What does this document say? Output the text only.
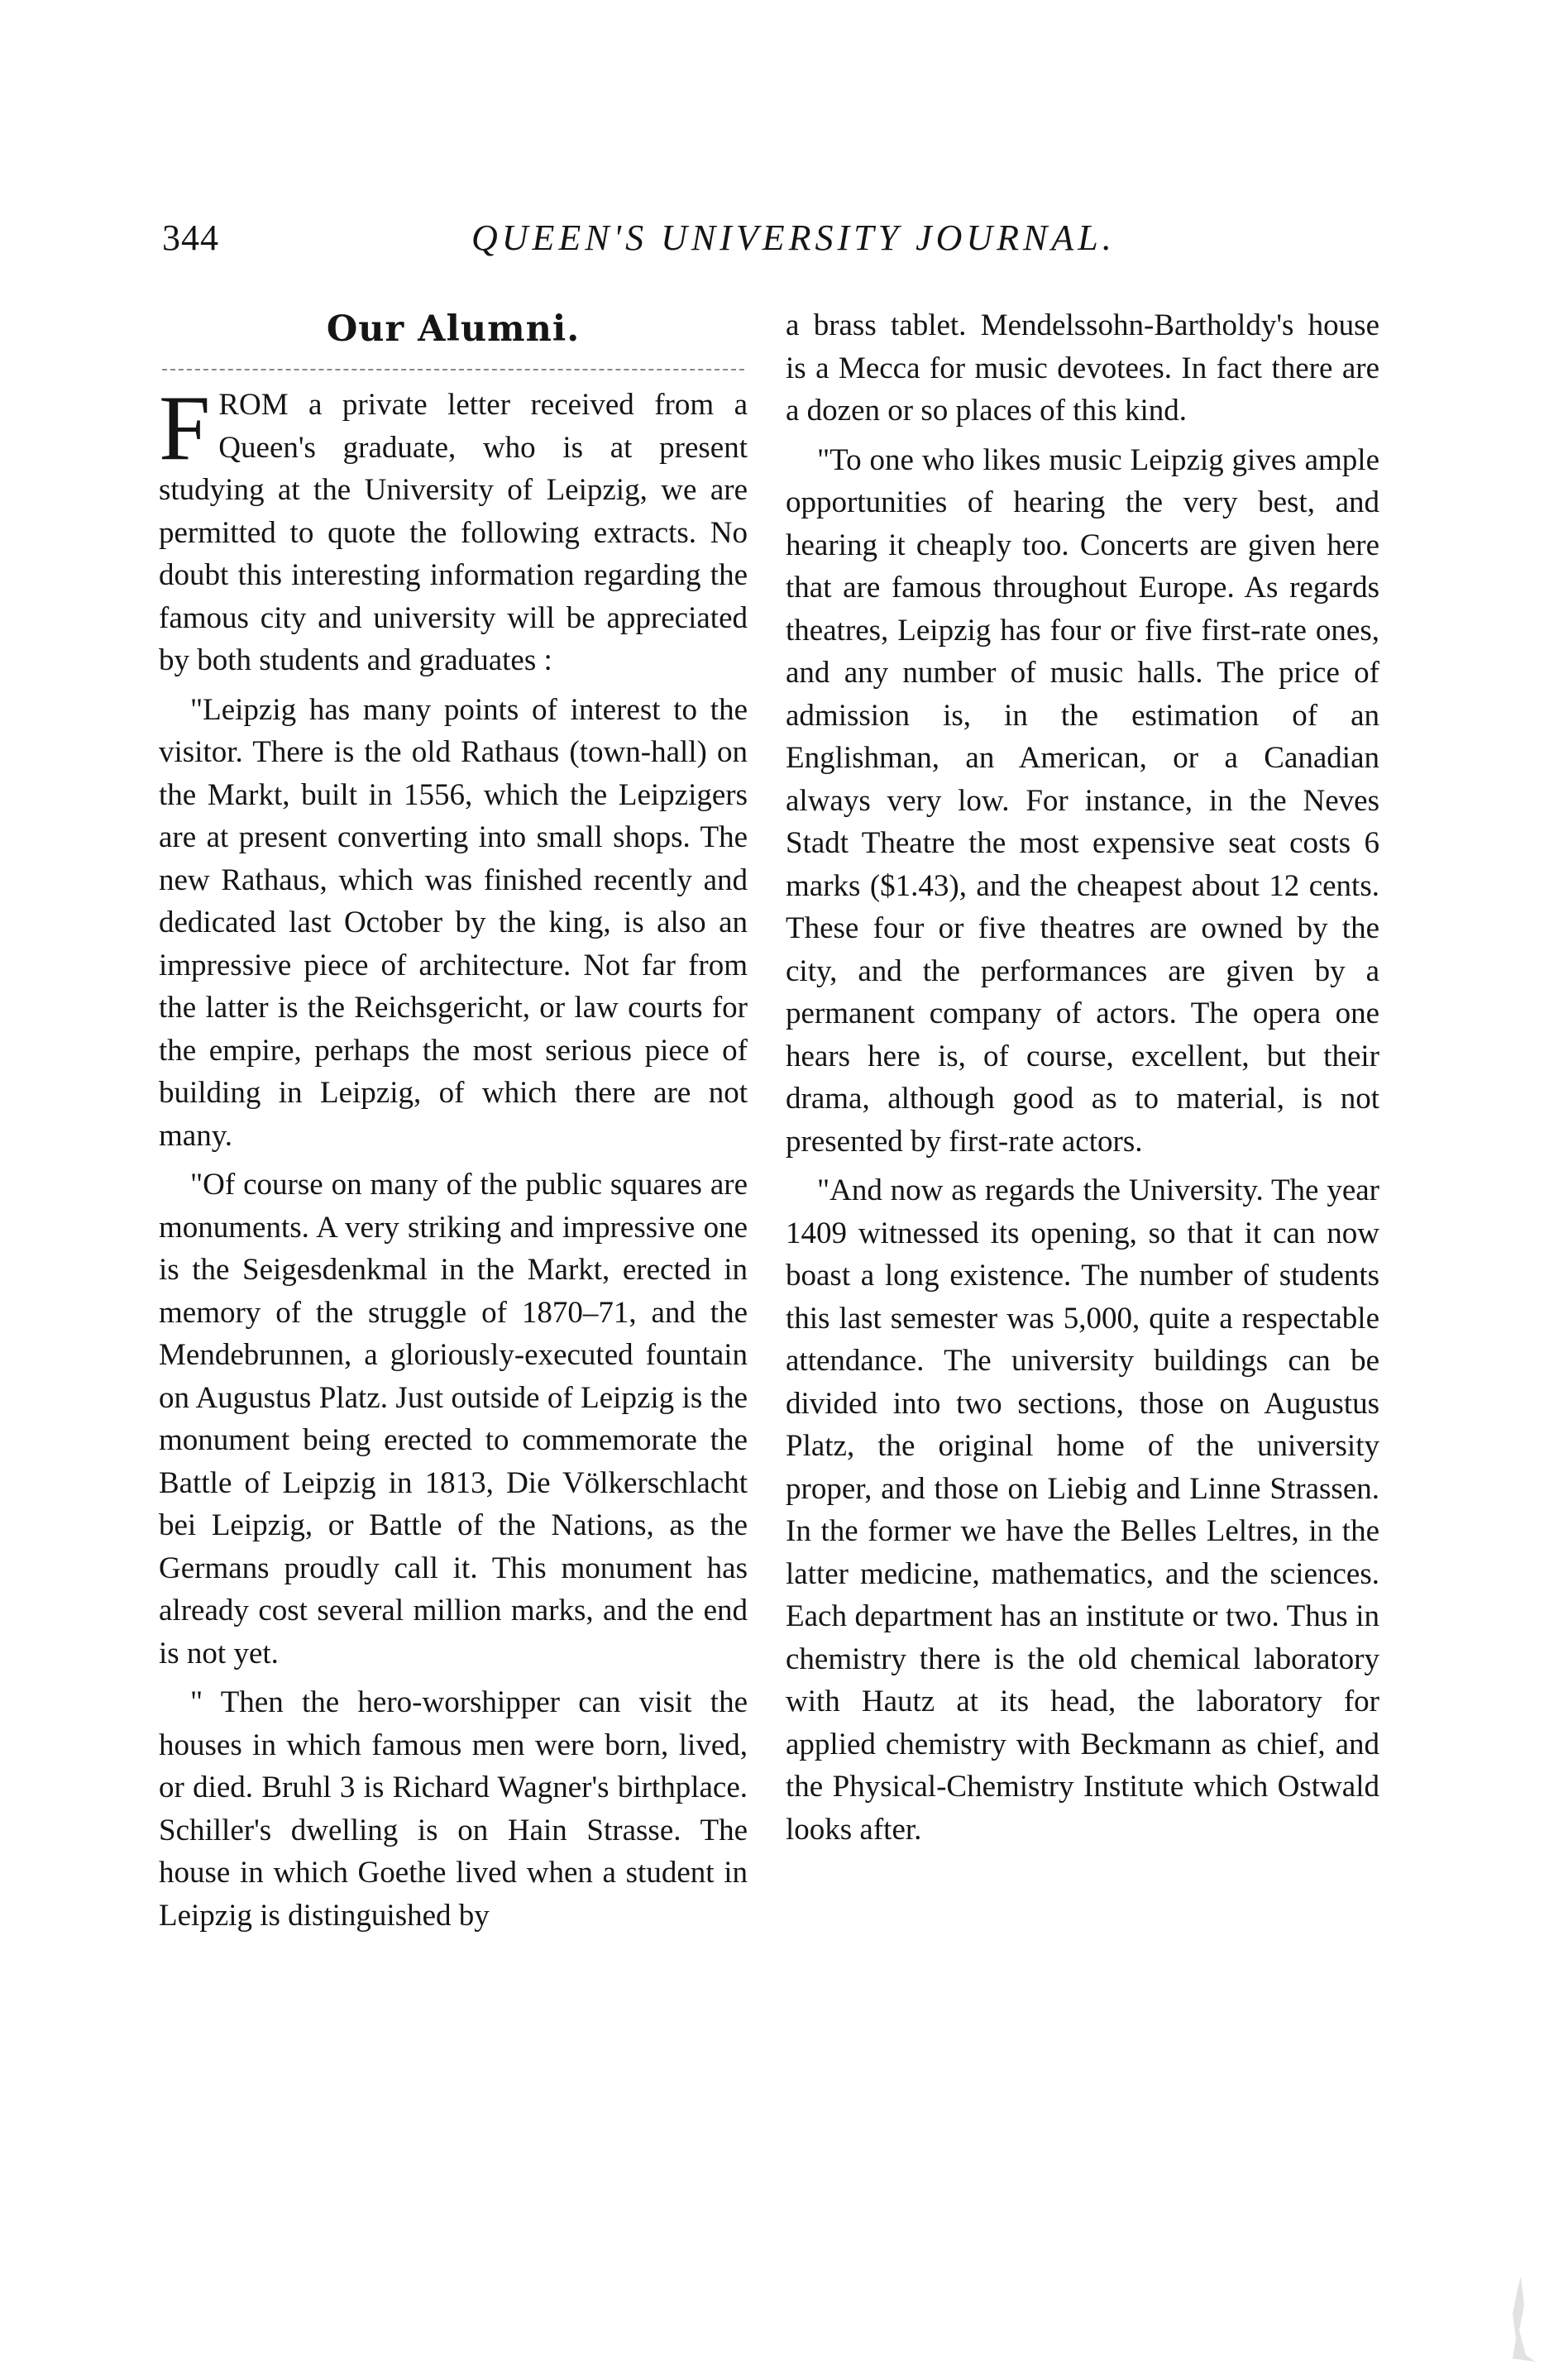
344	QUEEN'S UNIVERSITY JOURNAL.
Our Alumni.

FROM a private letter received from a Queen's graduate, who is at present studying at the University of Leipzig, we are permitted to quote the following extracts. No doubt this interesting information regarding the famous city and university will be appreciated by both students and graduates :

"Leipzig has many points of interest to the visitor. There is the old Rathaus (town-hall) on the Markt, built in 1556, which the Leipzigers are at present converting into small shops. The new Rathaus, which was finished recently and dedicated last October by the king, is also an impressive piece of architecture. Not far from the latter is the Reichsgericht, or law courts for the empire, perhaps the most serious piece of building in Leipzig, of which there are not many.

"Of course on many of the public squares are monuments. A very striking and impressive one is the Seigesdenkmal in the Markt, erected in memory of the struggle of 1870–71, and the Mendebrunnen, a gloriously-executed fountain on Augustus Platz. Just outside of Leipzig is the monument being erected to commemorate the Battle of Leipzig in 1813, Die Völkerschlacht bei Leipzig, or Battle of the Nations, as the Germans proudly call it. This monument has already cost several million marks, and the end is not yet.

" Then the hero-worshipper can visit the houses in which famous men were born, lived, or died. Bruhl 3 is Richard Wagner's birthplace. Schiller's dwelling is on Hain Strasse. The house in which Goethe lived when a student in Leipzig is distinguished by

a brass tablet. Mendelssohn-Bartholdy's house is a Mecca for music devotees. In fact there are a dozen or so places of this kind.

"To one who likes music Leipzig gives ample opportunities of hearing the very best, and hearing it cheaply too. Concerts are given here that are famous throughout Europe. As regards theatres, Leipzig has four or five first-rate ones, and any number of music halls. The price of admission is, in the estimation of an Englishman, an American, or a Canadian always very low. For instance, in the Neves Stadt Theatre the most expensive seat costs 6 marks ($1.43), and the cheapest about 12 cents. These four or five theatres are owned by the city, and the performances are given by a permanent company of actors. The opera one hears here is, of course, excellent, but their drama, although good as to material, is not presented by first-rate actors.

"And now as regards the University. The year 1409 witnessed its opening, so that it can now boast a long existence. The number of students this last semester was 5,000, quite a respectable attendance. The university buildings can be divided into two sections, those on Augustus Platz, the original home of the university proper, and those on Liebig and Linne Strassen. In the former we have the Belles Leltres, in the latter medicine, mathematics, and the sciences. Each department has an institute or two. Thus in chemistry there is the old chemical laboratory with Hautz at its head, the laboratory for applied chemistry with Beckmann as chief, and the Physical-Chemistry Institute which Ostwald looks after.
